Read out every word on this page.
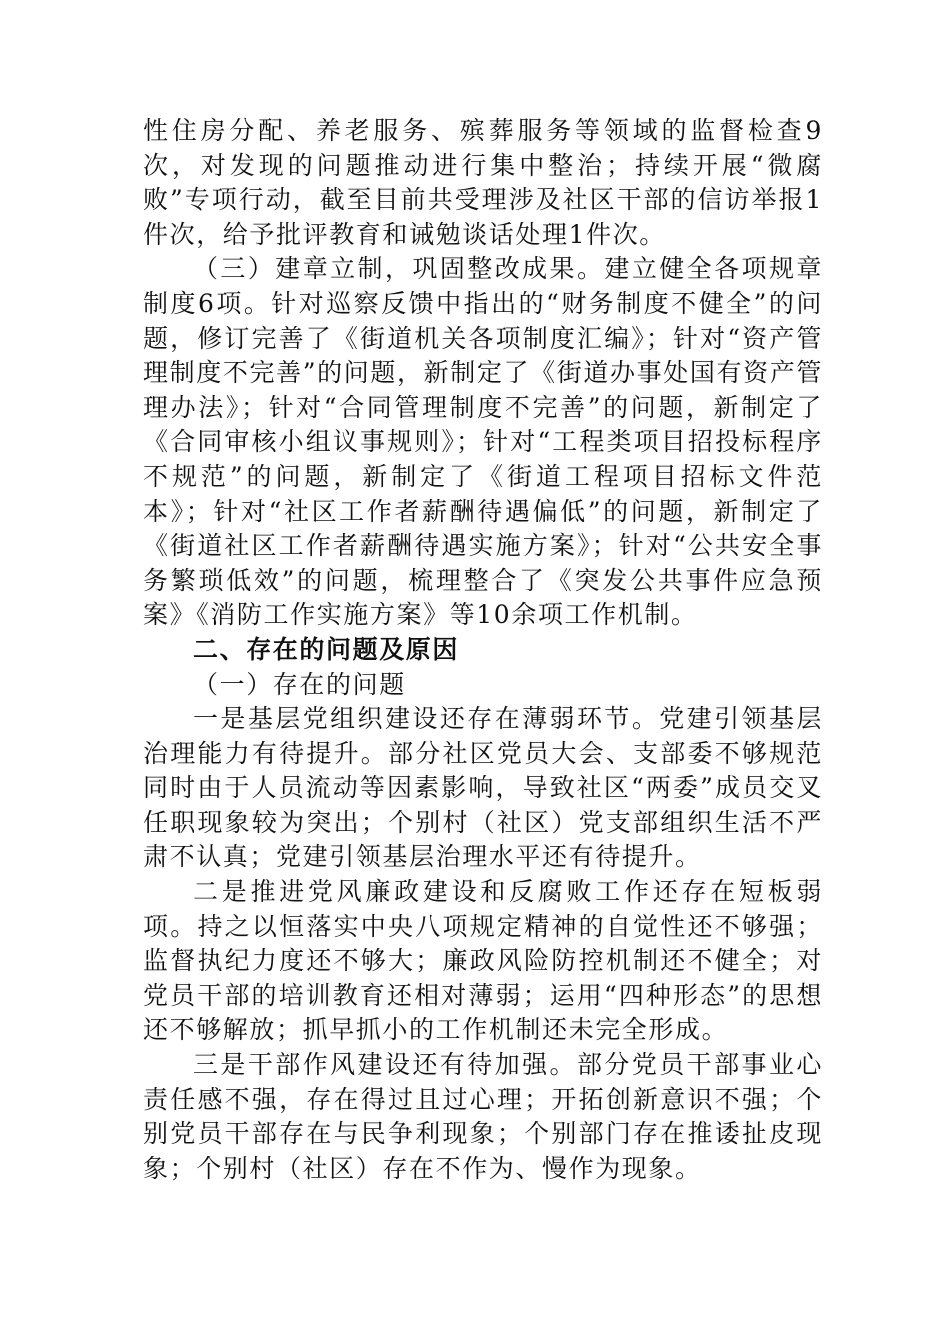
性住房分配、养老服务、殡葬服务等领域的监督检查9次，对发现的问题推动进行集中整治；持续开展“微腐败”专项行动，截至目前共受理涉及社区干部的信访举报1件次，给予批评教育和诫勉谈话处理1件次。

（三）建章立制，巩固整改成果。建立健全各项规章制度6项。针对巡察反馈中指出的“财务制度不健全”的问题，修订完善了《街道机关各项制度汇编》；针对“资产管理制度不完善”的问题，新制定了《街道办事处国有资产管理办法》；针对“合同管理制度不完善”的问题，新制定了《合同审核小组议事规则》；针对“工程类项目招投标程序不规范”的问题，新制定了《街道工程项目招标文件范本》；针对“社区工作者薪酬待遇偏低”的问题，新制定了《街道社区工作者薪酬待遇实施方案》；针对“公共安全事务繁琐低效”的问题，梳理整合了《突发公共事件应急预案》《消防工作实施方案》等10余项工作机制。

二、存在的问题及原因

（一）存在的问题

一是基层党组织建设还存在薄弱环节。党建引领基层治理能力有待提升。部分社区党员大会、支部委不够规范同时由于人员流动等因素影响，导致社区“两委”成员交叉任职现象较为突出；个别村（社区）党支部组织生活不严肃不认真；党建引领基层治理水平还有待提升。

二是推进党风廉政建设和反腐败工作还存在短板弱项。持之以恒落实中央八项规定精神的自觉性还不够强；监督执纪力度还不够大；廉政风险防控机制还不健全；对党员干部的培训教育还相对薄弱；运用“四种形态”的思想还不够解放；抓早抓小的工作机制还未完全形成。

三是干部作风建设还有待加强。部分党员干部事业心责任感不强，存在得过且过心理；开拓创新意识不强；个别党员干部存在与民争利现象；个别部门存在推诿扯皮现象；个别村（社区）存在不作为、慢作为现象。
